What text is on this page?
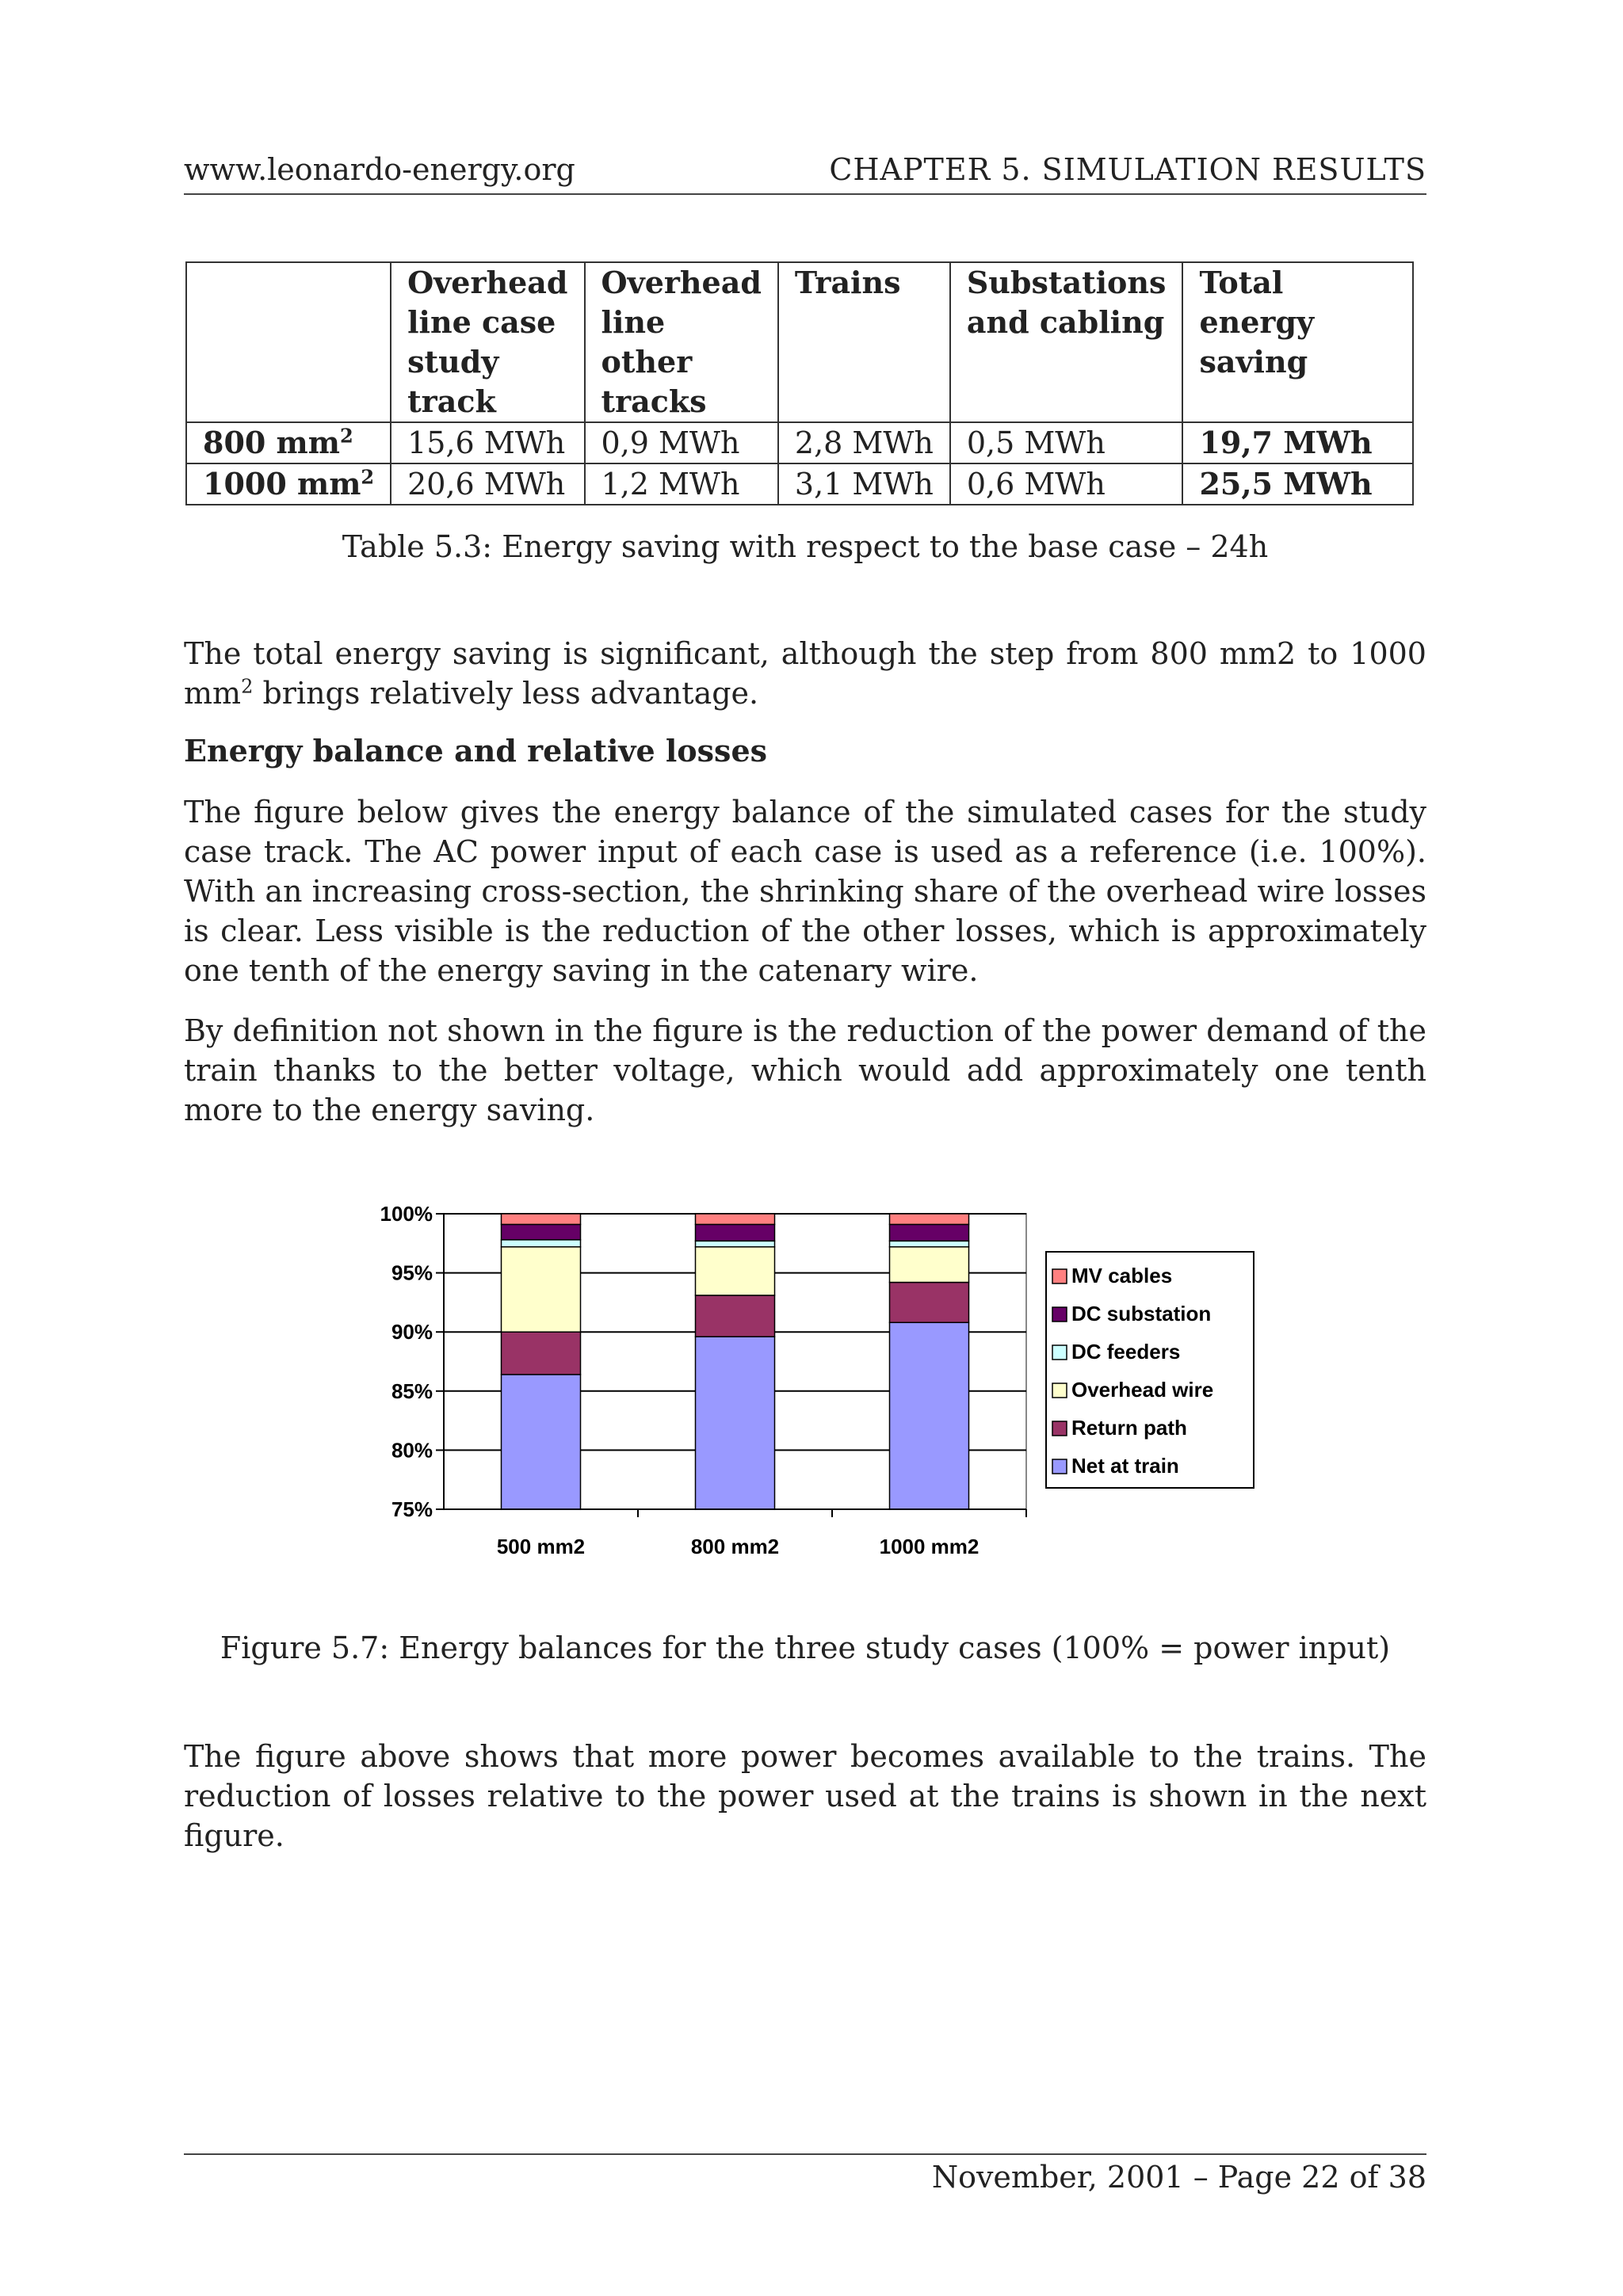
www.leonardo-energy.org	CHAPTER 5. SIMULATION RESULTS
	Overhead line case study track	Overhead line other tracks	Trains	Substations and cabling	Total energy saving
800 $mm^2$	15,6 MWh	0,9 MWh	2,8 MWh	0,5 MWh	19,7 MWh
1000 $mm^2$	20,6 MWh	1,2 MWh	3,1 MWh	0,6 MWh	25,5 MWh
Table 5.3: Energy saving with respect to the base case – 24h
The total energy saving is significant, although the step from 800 mm2 to 1000 $mm^2$ brings relatively less advantage.
Energy balance and relative losses
The figure below gives the energy balance of the simulated cases for the study case track. The AC power input of each case is used as a reference (i.e. 100%). With an increasing cross-section, the shrinking share of the overhead wire losses is clear. Less visible is the reduction of the other losses, which is approximately one tenth of the energy saving in the catenary wire.
By definition not shown in the figure is the reduction of the power demand of the train thanks to the better voltage, which would add approximately one tenth more to the energy saving.
75%
80%
85%
90%
95%
100%
500 mm2	800 mm2	1000 mm2
MV cables
DC substation
DC feeders
Overhead wire
Return path
Net at train
Figure 5.7: Energy balances for the three study cases (100% = power input)
The figure above shows that more power becomes available to the trains. The reduction of losses relative to the power used at the trains is shown in the next figure.
November, 2001 – Page 22 of 38
